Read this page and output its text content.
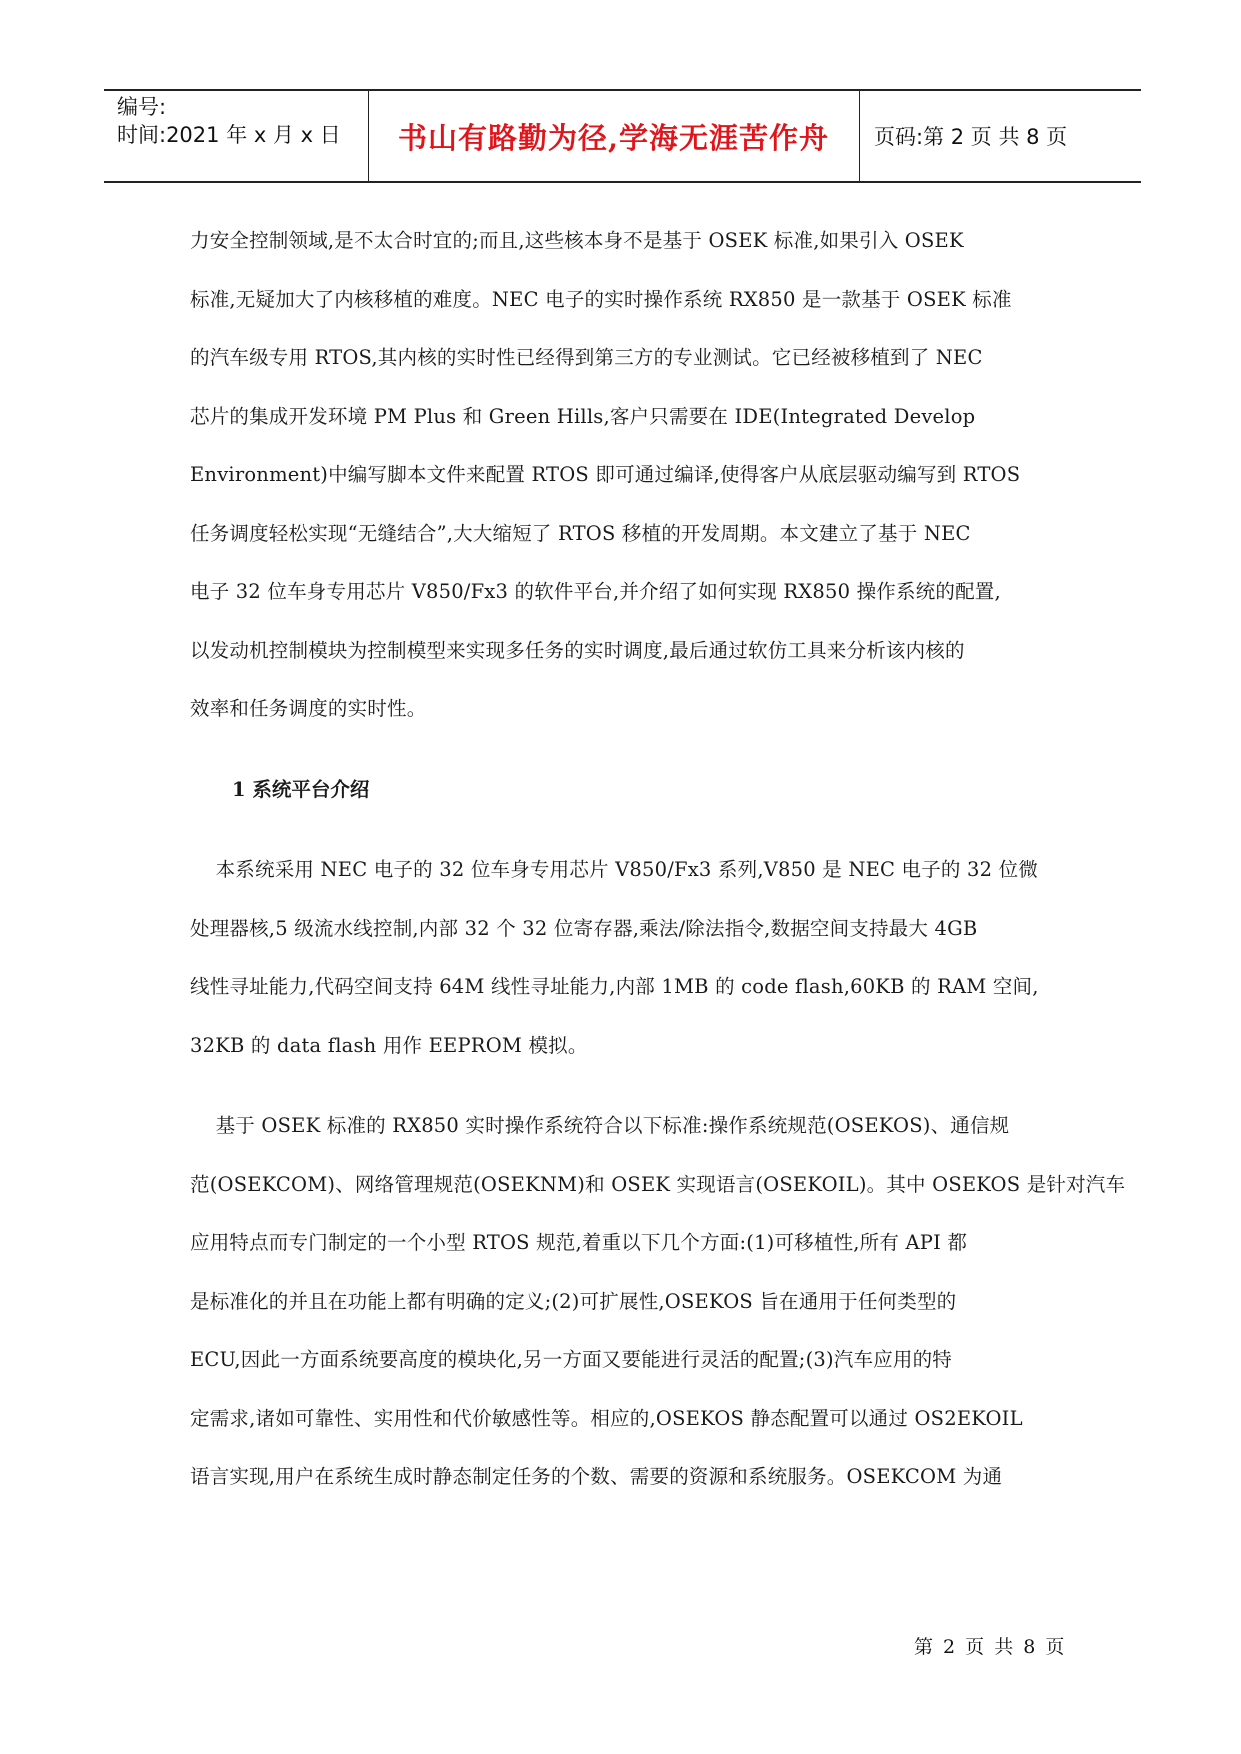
编号:
时间:2021 年 x 月 x 日	书山有路勤为径,学海无涯苦作舟	页码:第 2 页 共 8 页
力安全控制领域,是不太合时宜的;而且,这些核本身不是基于 OSEK 标准,如果引入 OSEK
标准,无疑加大了内核移植的难度。NEC 电子的实时操作系统 RX850 是一款基于 OSEK 标准
的汽车级专用 RTOS,其内核的实时性已经得到第三方的专业测试。它已经被移植到了 NEC
芯片的集成开发环境 PM Plus 和 Green Hills,客户只需要在 IDE(Integrated Develop
Environment)中编写脚本文件来配置 RTOS 即可通过编译,使得客户从底层驱动编写到 RTOS
任务调度轻松实现“无缝结合”,大大缩短了 RTOS 移植的开发周期。本文建立了基于 NEC
电子 32 位车身专用芯片 V850/Fx3 的软件平台,并介绍了如何实现 RX850 操作系统的配置,
以发动机控制模块为控制模型来实现多任务的实时调度,最后通过软仿工具来分析该内核的
效率和任务调度的实时性。
1 系统平台介绍
本系统采用 NEC 电子的 32 位车身专用芯片 V850/Fx3 系列,V850 是 NEC 电子的 32 位微
处理器核,5 级流水线控制,内部 32 个 32 位寄存器,乘法/除法指令,数据空间支持最大 4GB
线性寻址能力,代码空间支持 64M 线性寻址能力,内部 1MB 的 code flash,60KB 的 RAM 空间,
32KB 的 data flash 用作 EEPROM 模拟。
基于 OSEK 标准的 RX850 实时操作系统符合以下标准:操作系统规范(OSEKOS)、通信规
范(OSEKCOM)、网络管理规范(OSEKNM)和 OSEK 实现语言(OSEKOIL)。其中 OSEKOS 是针对汽车
应用特点而专门制定的一个小型 RTOS 规范,着重以下几个方面:(1)可移植性,所有 API 都
是标准化的并且在功能上都有明确的定义;(2)可扩展性,OSEKOS 旨在通用于任何类型的
ECU,因此一方面系统要高度的模块化,另一方面又要能进行灵活的配置;(3)汽车应用的特
定需求,诸如可靠性、实用性和代价敏感性等。相应的,OSEKOS 静态配置可以通过 OS2EKOIL
语言实现,用户在系统生成时静态制定任务的个数、需要的资源和系统服务。OSEKCOM 为通
第 2 页 共 8 页
